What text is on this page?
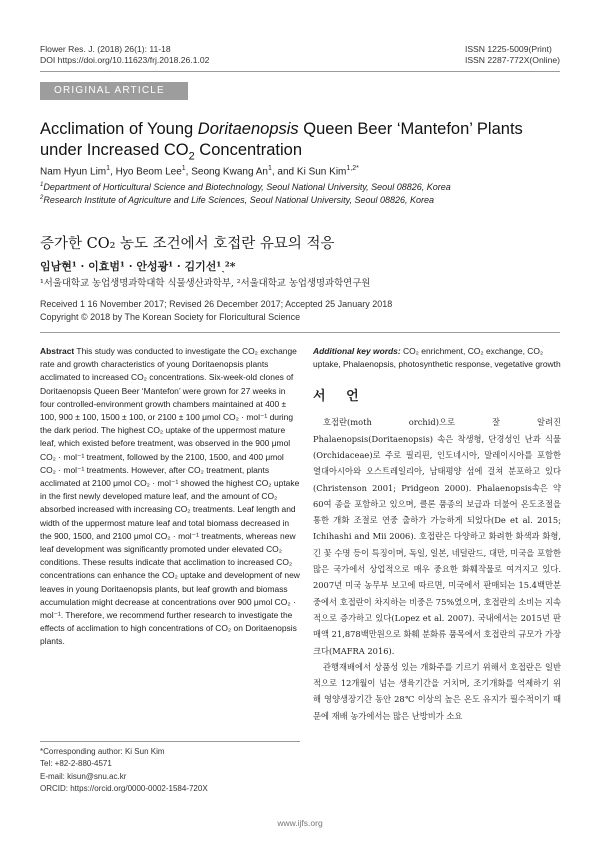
Flower Res. J. (2018) 26(1): 11-18
DOI https://doi.org/10.11623/frj.2018.26.1.02
ISSN 1225-5009(Print)
ISSN 2287-772X(Online)
ORIGINAL ARTICLE
Acclimation of Young Doritaenopsis Queen Beer ‘Mantefon’ Plants under Increased $CO_2$ Concentration
Nam Hyun Lim$^1$, Hyo Beom Lee$^1$, Seong Kwang An$^1$, and Ki Sun Kim$^{1,2*}$
$^1$Department of Horticultural Science and Biotechnology, Seoul National University, Seoul 08826, Korea
$^2$Research Institute of Agriculture and Life Sciences, Seoul National University, Seoul 08826, Korea
증가한 CO₂ 농도 조건에서 호접란 유묘의 적응
임남현¹ · 이효범¹ · 안성광¹ · 김기선¹ˎ²*
¹서울대학교 농업생명과학대학 식물생산과학부, ²서울대학교 농업생명과학연구원
Received 1 16 November 2017; Revised 26 December 2017; Accepted 25 January 2018
Copyright © 2018 by The Korean Society for Floricultural Science
Abstract This study was conducted to investigate the CO₂ exchange rate and growth characteristics of young Doritaenopsis plants acclimated to increased CO₂ concentrations. Six-week-old clones of Doritaenopsis Queen Beer ‘Mantefon’ were grown for 27 weeks in four controlled-environment growth chambers maintained at 400 ± 100, 900 ± 100, 1500 ± 100, or 2100 ± 100 μmol CO₂ · mol⁻¹ during the dark period. The highest CO₂ uptake of the uppermost mature leaf, which existed before treatment, was observed in the 900 μmol CO₂ · mol⁻¹ treatment, followed by the 2100, 1500, and 400 μmol CO₂ · mol⁻¹ treatments. However, after CO₂ treatment, plants acclimated at 2100 μmol CO₂ · mol⁻¹ showed the highest CO₂ uptake in the first newly developed mature leaf, and the amount of CO₂ absorbed increased with increasing CO₂ treatments. Leaf length and width of the uppermost mature leaf and total biomass decreased in the 900, 1500, and 2100 μmol CO₂ · mol⁻¹ treatments, whereas new leaf development was significantly promoted under elevated CO₂ conditions. These results indicate that acclimation to increased CO₂ concentrations can enhance the CO₂ uptake and development of new leaves in young Doritaenopsis plants, but leaf growth and biomass accumulation might decrease at concentrations over 900 μmol CO₂ · mol⁻¹. Therefore, we recommend further research to investigate the effects of acclimation to high concentrations of CO₂ on Doritaenopsis plants.
Additional key words: CO₂ enrichment, CO₂ exchange, CO₂ uptake, Phalaenopsis, photosynthetic response, vegetative growth
서 언

호접란(moth orchid)으로 잘 알려진 Phalaenopsis(Doritaenopsis) 속은 착생형, 단경성인 난과 식물(Orchidaceae)로 주로 필리핀, 인도네시아, 말레이시아를 포함한 열대아시아와 오스트레일리아, 남태평양 섬에 걸쳐 분포하고 있다(Christenson 2001; Pridgeon 2000). Phalaenopsis속은 약 60여 종을 포함하고 있으며, 클론 품종의 보급과 더불어 온도조절을 통한 개화 조절로 연중 출하가 가능하게 되었다(De et al. 2015; Ichihashi and Mii 2006). 호접란은 다양하고 화려한 화색과 화형, 긴 꽃 수명 등이 특징이며, 독일, 일본, 네덜란드, 대만, 미국을 포함한 많은 국가에서 상업적으로 매우 중요한 화훼작물로 여겨지고 있다. 2007년 미국 농무부 보고에 따르면, 미국에서 판매되는 15.4백만분 중에서 호접란이 차지하는 비중은 75%였으며, 호접란의 소비는 지속적으로 증가하고 있다(Lopez et al. 2007). 국내에서는 2015년 판매액 21,878백만원으로 화훼 분화류 품목에서 호접란의 규모가 가장 크다(MAFRA 2016).

관행재배에서 상품성 있는 개화주를 기르기 위해서 호접란은 일반적으로 12개월이 넘는 생육기간을 거치며, 조기개화를 억제하기 위해 영양생장기간 동안 28℃ 이상의 높은 온도 유지가 필수적이기 때문에 재배 농가에서는 많은 난방비가 소요

*Corresponding author: Ki Sun Kim
Tel: +82-2-880-4571
E-mail: kisun@snu.ac.kr
ORCID: https://orcid.org/0000-0002-1584-720X
www.ijfs.org
